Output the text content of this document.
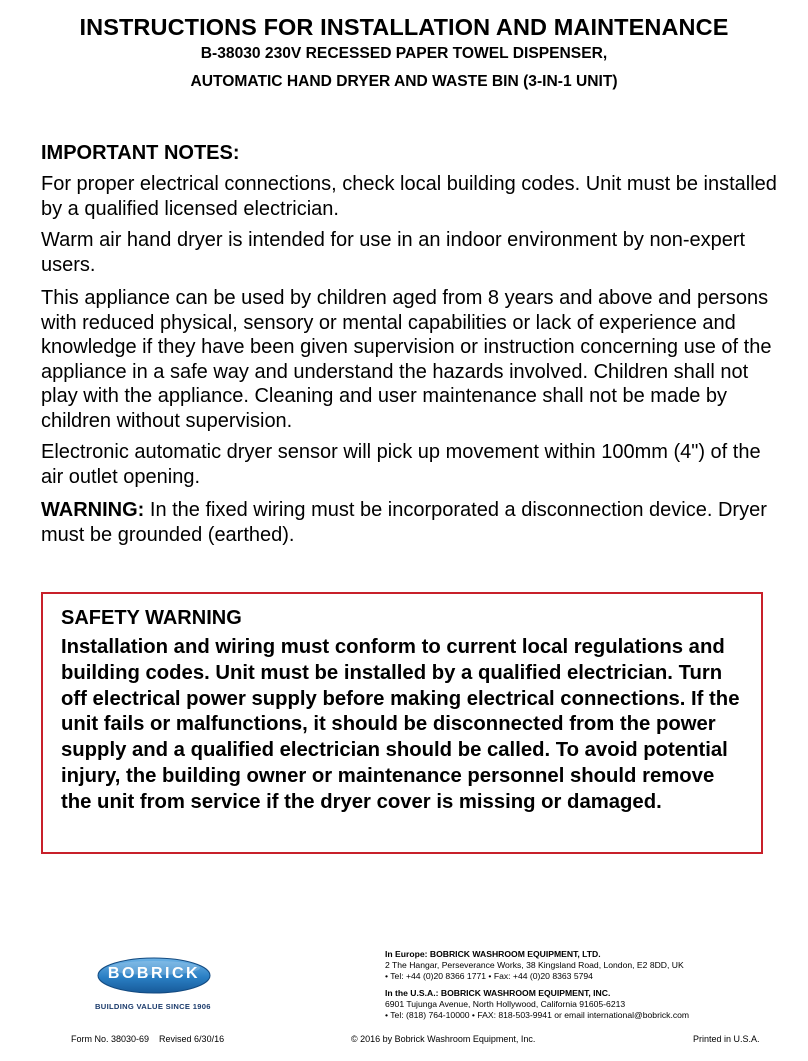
INSTRUCTIONS FOR INSTALLATION AND MAINTENANCE

B-38030 230V RECESSED PAPER TOWEL DISPENSER,

AUTOMATIC HAND DRYER AND WASTE BIN (3-IN-1 UNIT)

IMPORTANT NOTES:

For proper electrical connections, check local building codes. Unit must be installed by a qualified licensed electrician.

Warm air hand dryer is intended for use in an indoor environment by non-expert users.

This appliance can be used by children aged from 8 years and above and persons with reduced physical, sensory or mental capabilities or lack of experience and knowledge if they have been given supervision or instruction concerning use of the appliance in a safe way and understand the hazards involved. Children shall not play with the appliance. Cleaning and user maintenance shall not be made by children without supervision.

Electronic automatic dryer sensor will pick up movement within 100mm (4") of the air outlet opening.

WARNING: In the fixed wiring must be incorporated a disconnection device. Dryer must be grounded (earthed).

SAFETY WARNING

Installation and wiring must conform to current local regulations and building codes. Unit must be installed by a qualified electrician. Turn off electrical power supply before making electrical connections. If the unit fails or malfunctions, it should be disconnected from the power supply and a qualified electrician should be called. To avoid potential injury, the building owner or maintenance personnel should remove the unit from service if the dryer cover is missing or damaged.

BOBRICK
BUILDING VALUE SINCE 1906
In Europe: BOBRICK WASHROOM EQUIPMENT, LTD.
2 The Hangar, Perseverance Works, 38 Kingsland Road, London, E2 8DD, UK
• Tel: +44 (0)20 8366 1771 • Fax: +44 (0)20 8363 5794
In the U.S.A.: BOBRICK WASHROOM EQUIPMENT, INC.
6901 Tujunga Avenue, North Hollywood, California 91605-6213
• Tel: (818) 764-10000 • FAX: 818-503-9941 or email international@bobrick.com
Form No. 38030-69    Revised 6/30/16	© 2016 by Bobrick Washroom Equipment, Inc.	Printed in U.S.A.
